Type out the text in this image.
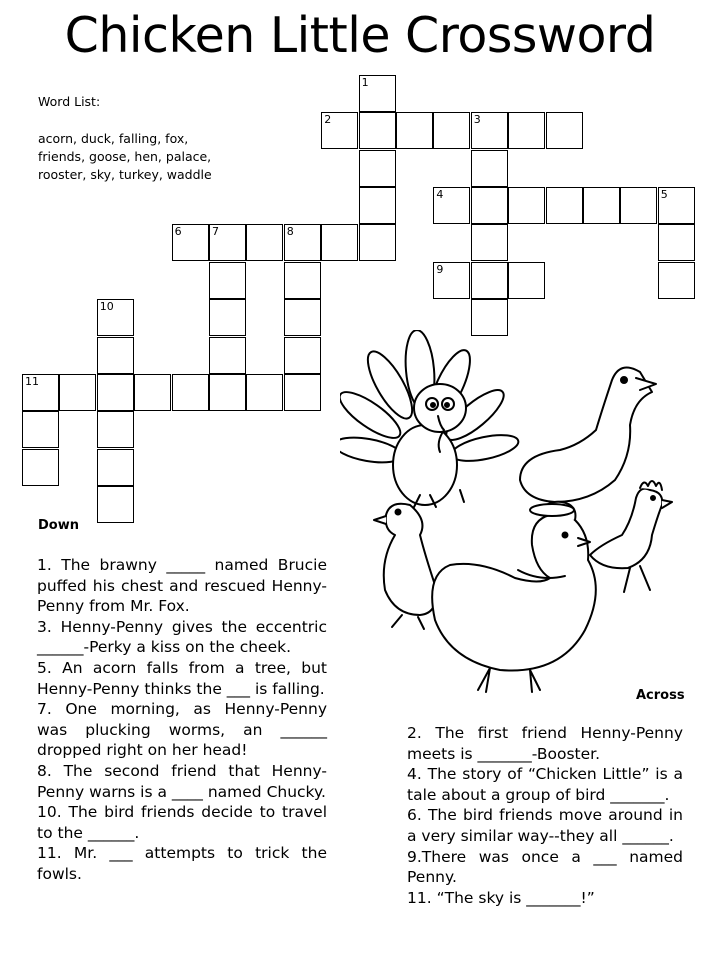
Chicken Little Crossword
Word List:
acorn, duck, falling, fox, friends, goose, hen, palace, rooster, sky, turkey, waddle
1
2	3
4	5
6	7	8
9
10
11
Down

1. The brawny _____ named Brucie puffed his chest and rescued Henny-Penny from Mr. Fox.

3. Henny-Penny gives the eccentric ______-Perky a kiss on the cheek.

5. An acorn falls from a tree, but Henny-Penny thinks the ___ is falling.

7. One morning, as Henny-Penny was plucking worms, an ______ dropped right on her head!

8. The second friend that Henny-Penny warns is a ____ named Chucky.

10. The bird friends decide to travel to the ______.

11. Mr. ___ attempts to trick the fowls.

Across

2. The first friend Henny-Penny meets is _______-Booster.

4. The story of “Chicken Little” is a tale about a group of bird _______.

6. The bird friends move around in a very similar way--they all ______.

9.There was once a ___ named Penny.

11. “The sky is _______!”
